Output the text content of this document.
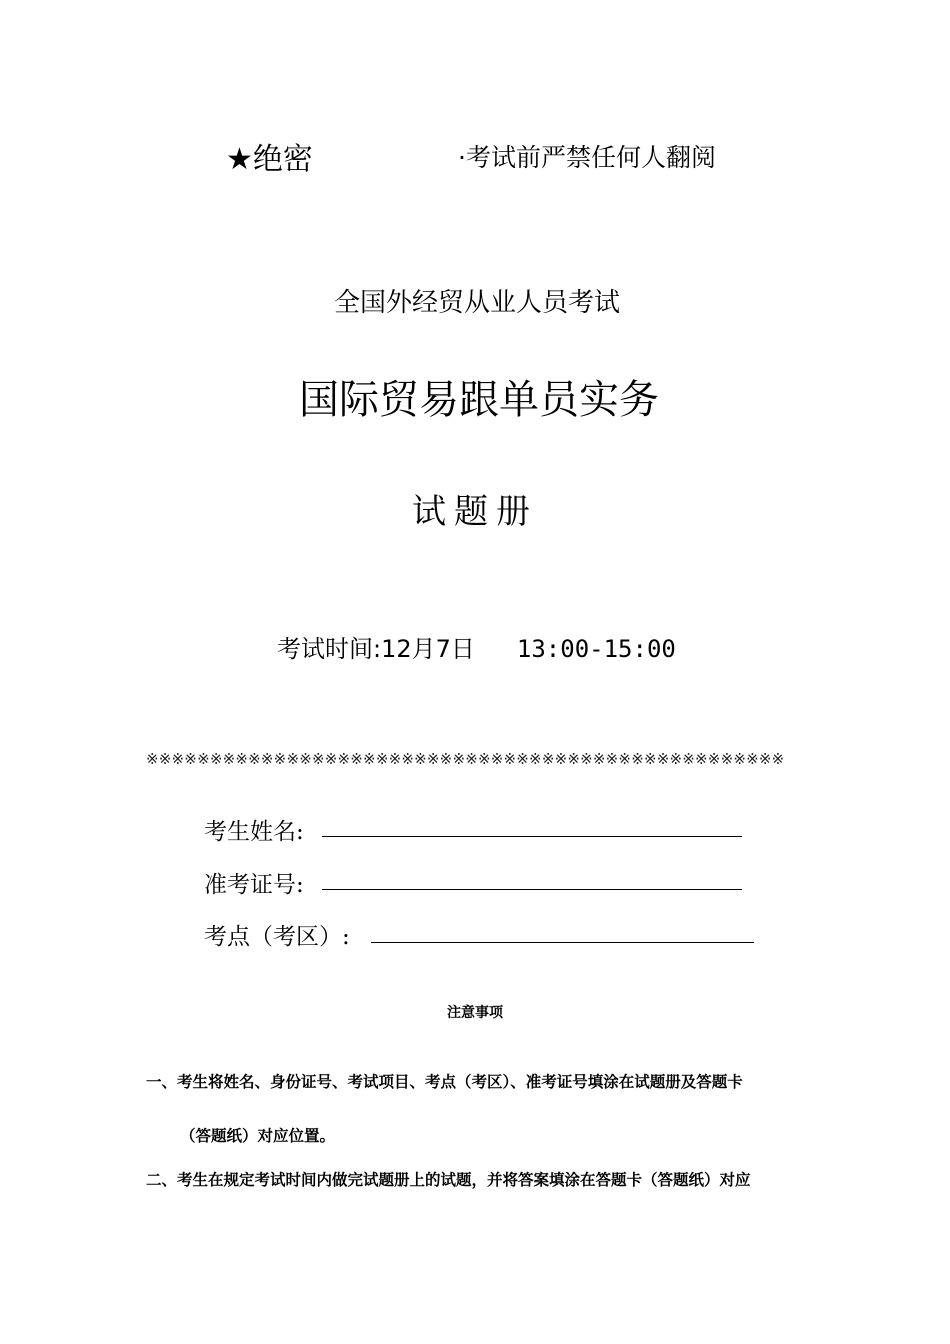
★绝密	·考试前严禁任何人翻阅
全国外经贸从业人员考试
国际贸易跟单员实务
试题册
考试时间:12月7日 13:00-15:00
※※※※※※※※※※※※※※※※※※※※※※※※※※※※※※※※※※※※※※※※※※※※※※※※※※
考生姓名:
准考证号:
考点（考区）:
注意事项
一、考生将姓名、身份证号、考试项目、考点（考区）、准考证号填涂在试题册及答题卡
（答题纸）对应位置。
二、考生在规定考试时间内做完试题册上的试题，并将答案填涂在答题卡（答题纸）对应
